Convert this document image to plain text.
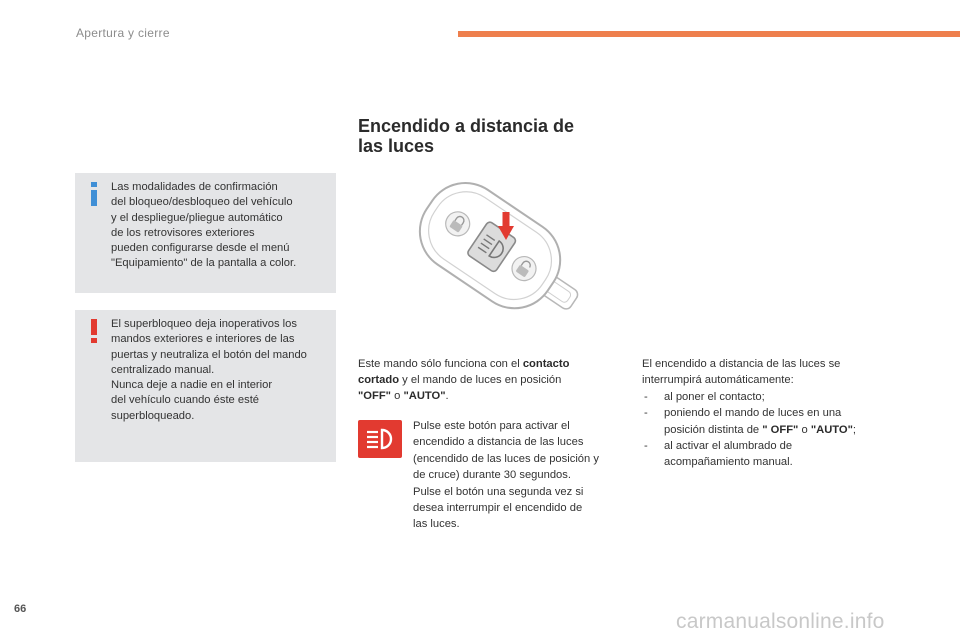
Apertura y cierre

Las modalidades de confirmación

del bloqueo/desbloqueo del vehículo

y el despliegue/pliegue automático

de los retrovisores exteriores

pueden configurarse desde el menú

"Equipamiento" de la pantalla a color.

El superbloqueo deja inoperativos los

mandos exteriores e interiores de las

puertas y neutraliza el botón del mando

centralizado manual.

Nunca deje a nadie en el interior

del vehículo cuando éste esté

superbloqueado.

Encendido a distancia de
las luces
Este mando sólo funciona con el contacto
cortado y el mando de luces en posición
"OFF" o "AUTO".
Pulse este botón para activar el
encendido a distancia de las luces
(encendido de las luces de posición y
de cruce) durante 30 segundos.
Pulse el botón una segunda vez si
desea interrumpir el encendido de
las luces.
El encendido a distancia de las luces se
interrumpirá automáticamente:
- al poner el contacto;
- poniendo el mando de luces en una
posición distinta de " OFF" o "AUTO";
- al activar el alumbrado de
acompañamiento manual.
66
carmanualsonline.info
